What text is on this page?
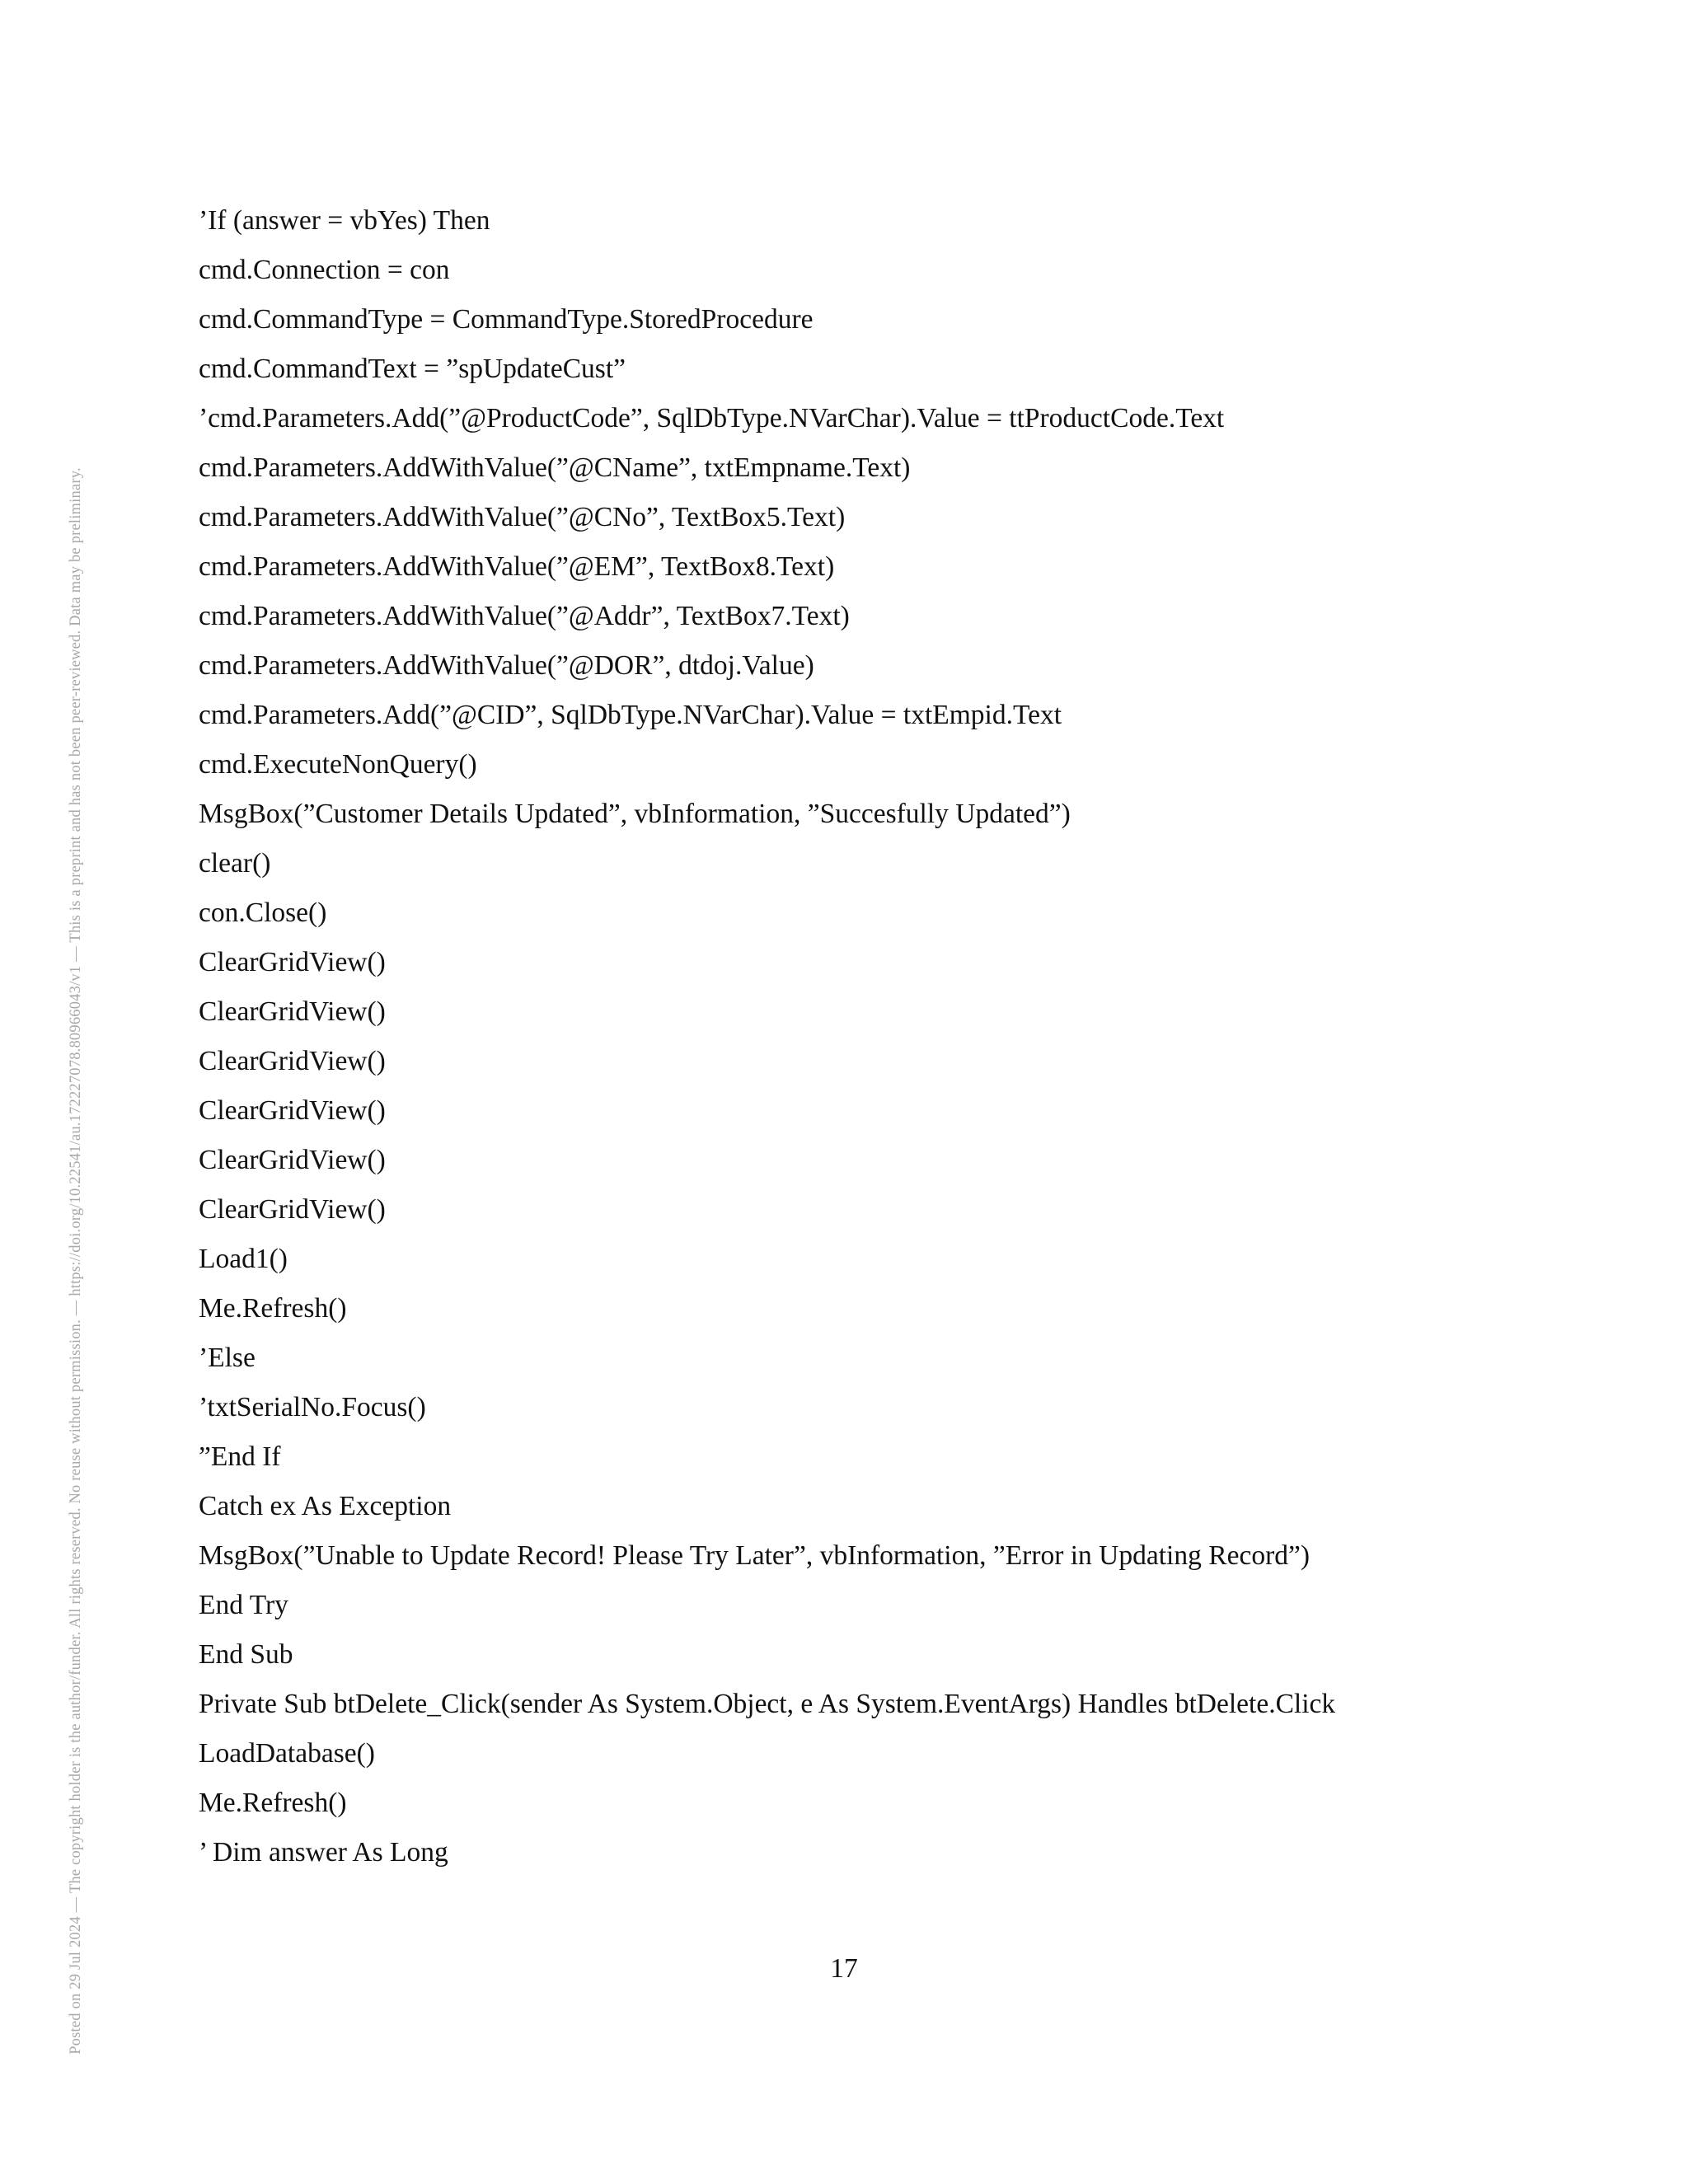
Posted on 29 Jul 2024 — The copyright holder is the author/funder. All rights reserved. No reuse without permission. — https://doi.org/10.22541/au.172227078.80966043/v1 — This is a preprint and has not been peer-reviewed. Data may be preliminary.
’If (answer = vbYes) Then
cmd.Connection = con
cmd.CommandType = CommandType.StoredProcedure
cmd.CommandText = ”spUpdateCust”
’cmd.Parameters.Add(”@ProductCode”, SqlDbType.NVarChar).Value = ttProductCode.Text
cmd.Parameters.AddWithValue(”@CName”, txtEmpname.Text)
cmd.Parameters.AddWithValue(”@CNo”, TextBox5.Text)
cmd.Parameters.AddWithValue(”@EM”, TextBox8.Text)
cmd.Parameters.AddWithValue(”@Addr”, TextBox7.Text)
cmd.Parameters.AddWithValue(”@DOR”, dtdoj.Value)
cmd.Parameters.Add(”@CID”, SqlDbType.NVarChar).Value = txtEmpid.Text
cmd.ExecuteNonQuery()
MsgBox(”Customer Details Updated”, vbInformation, ”Succesfully Updated”)
clear()
con.Close()
ClearGridView()
ClearGridView()
ClearGridView()
ClearGridView()
ClearGridView()
ClearGridView()
Load1()
Me.Refresh()
’Else
’txtSerialNo.Focus()
”End If
Catch ex As Exception
MsgBox(”Unable to Update Record! Please Try Later”, vbInformation, ”Error in Updating Record”)
End Try
End Sub
Private Sub btDelete_Click(sender As System.Object, e As System.EventArgs) Handles btDelete.Click
LoadDatabase()
Me.Refresh()
’ Dim answer As Long
17
